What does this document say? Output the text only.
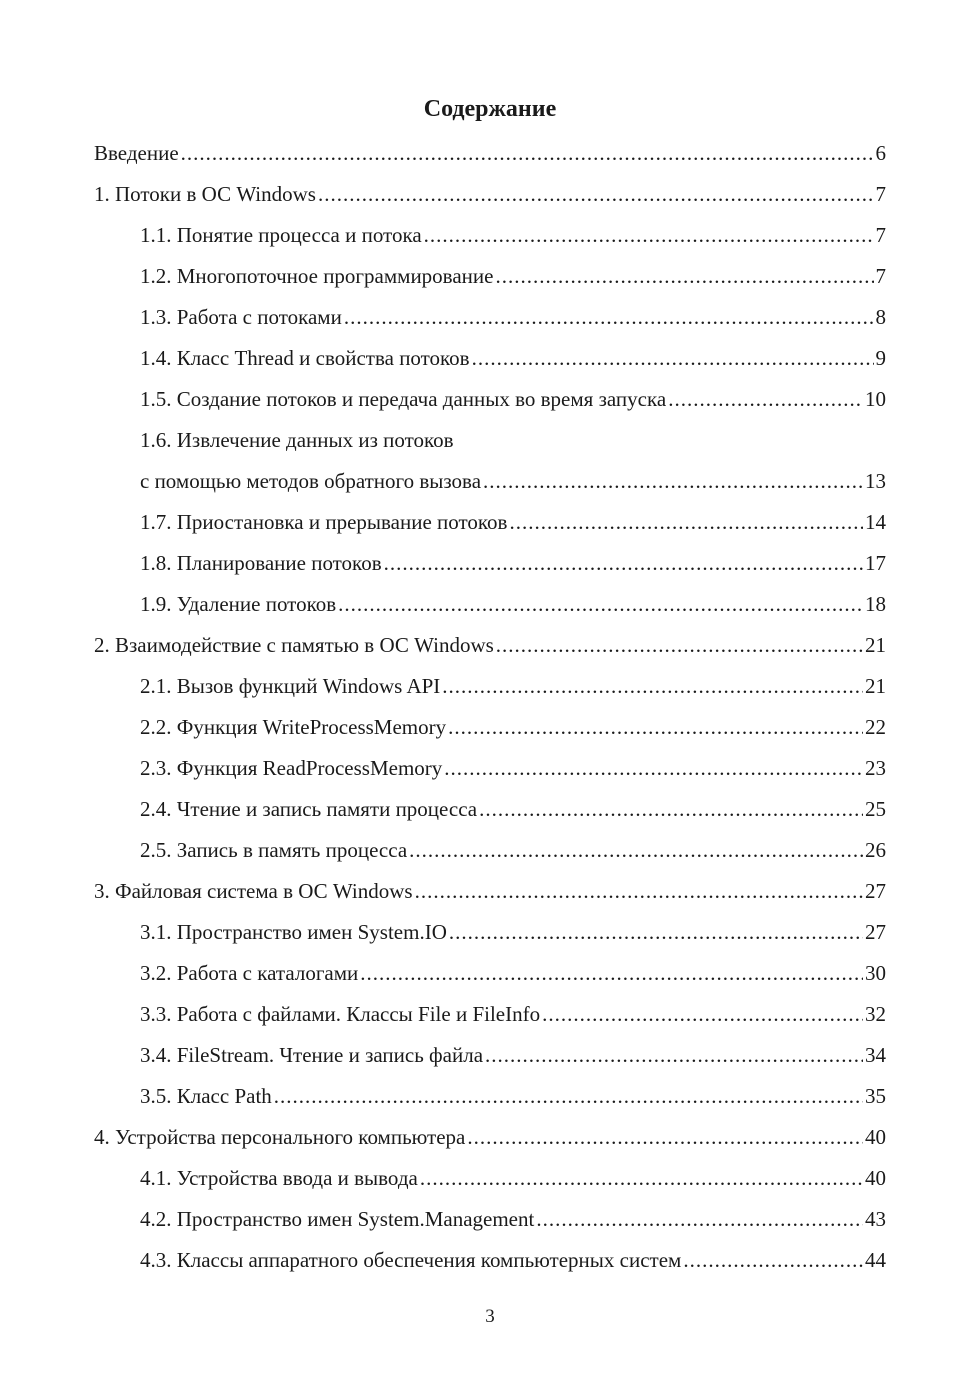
Содержание
Введение .....	6
1. Потоки в ОС Windows .....	7
1.1. Понятие процесса и потока .....	7
1.2. Многопоточное программирование .....	7
1.3. Работа с потоками .....	8
1.4. Класс Thread и свойства потоков .....	9
1.5. Создание потоков и передача данных во время запуска .....	10
1.6. Извлечение данных из потоков
с помощью методов обратного вызова .....	13
1.7. Приостановка и прерывание потоков .....	14
1.8. Планирование потоков .....	17
1.9. Удаление потоков .....	18
2. Взаимодействие с памятью в ОС Windows .....	21
2.1. Вызов функций Windows API .....	21
2.2. Функция WriteProcessMemory .....	22
2.3. Функция ReadProcessMemory .....	23
2.4. Чтение и запись памяти процесса .....	25
2.5. Запись в память процесса .....	26
3. Файловая система в ОС Windows .....	27
3.1. Пространство имен System.IO .....	27
3.2. Работа с каталогами .....	30
3.3. Работа с файлами. Классы File и FileInfo .....	32
3.4. FileStream. Чтение и запись файла .....	34
3.5. Класс Path .....	35
4. Устройства персонального компьютера .....	40
4.1. Устройства ввода и вывода .....	40
4.2. Пространство имен System.Management .....	43
4.3. Классы аппаратного обеспечения компьютерных систем .....	44
3
